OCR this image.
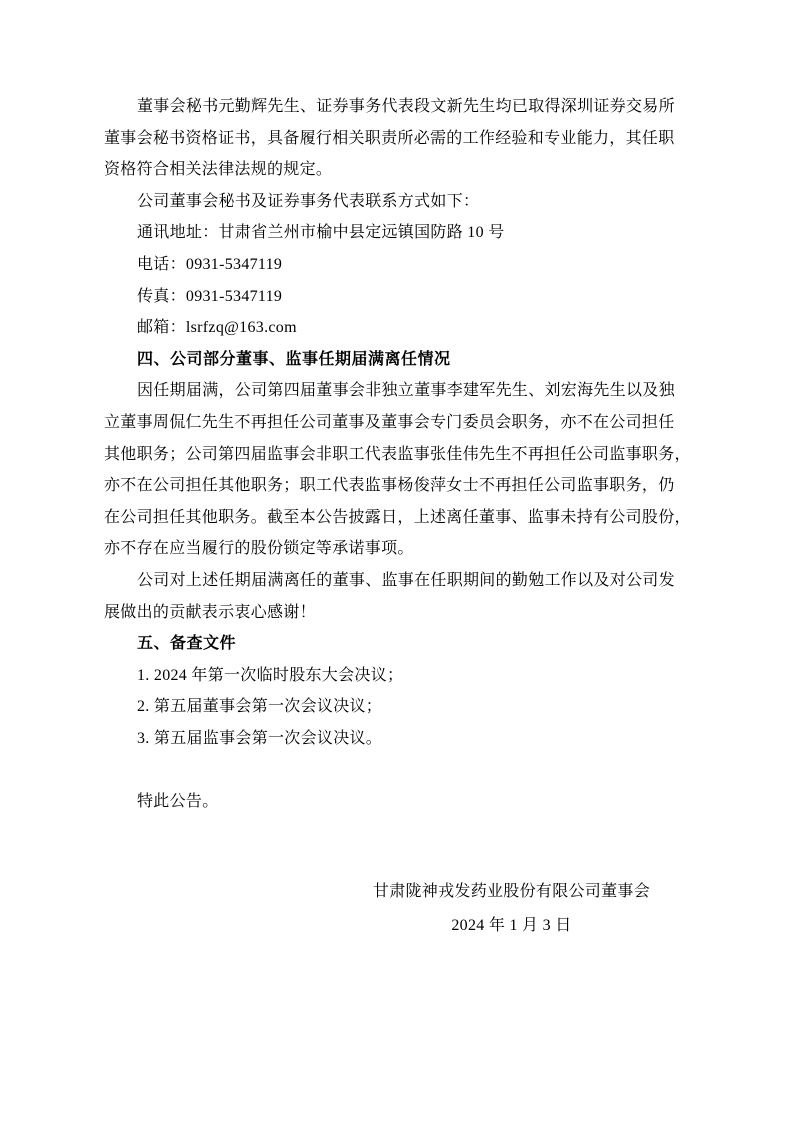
董事会秘书元勤辉先生、证券事务代表段文新先生均已取得深圳证券交易所
董事会秘书资格证书，具备履行相关职责所必需的工作经验和专业能力，其任职
资格符合相关法律法规的规定。
公司董事会秘书及证券事务代表联系方式如下：
通讯地址：甘肃省兰州市榆中县定远镇国防路 10 号
电话：0931-5347119
传真：0931-5347119
邮箱：lsrfzq@163.com
四、公司部分董事、监事任期届满离任情况
因任期届满，公司第四届董事会非独立董事李建军先生、刘宏海先生以及独
立董事周侃仁先生不再担任公司董事及董事会专门委员会职务，亦不在公司担任
其他职务；公司第四届监事会非职工代表监事张佳伟先生不再担任公司监事职务，
亦不在公司担任其他职务；职工代表监事杨俊萍女士不再担任公司监事职务，仍
在公司担任其他职务。截至本公告披露日，上述离任董事、监事未持有公司股份，
亦不存在应当履行的股份锁定等承诺事项。
公司对上述任期届满离任的董事、监事在任职期间的勤勉工作以及对公司发
展做出的贡献表示衷心感谢！
五、备查文件
1. 2024 年第一次临时股东大会决议；
2. 第五届董事会第一次会议决议；
3. 第五届监事会第一次会议决议。
特此公告。
甘肃陇神戎发药业股份有限公司董事会
2024 年 1 月 3 日
